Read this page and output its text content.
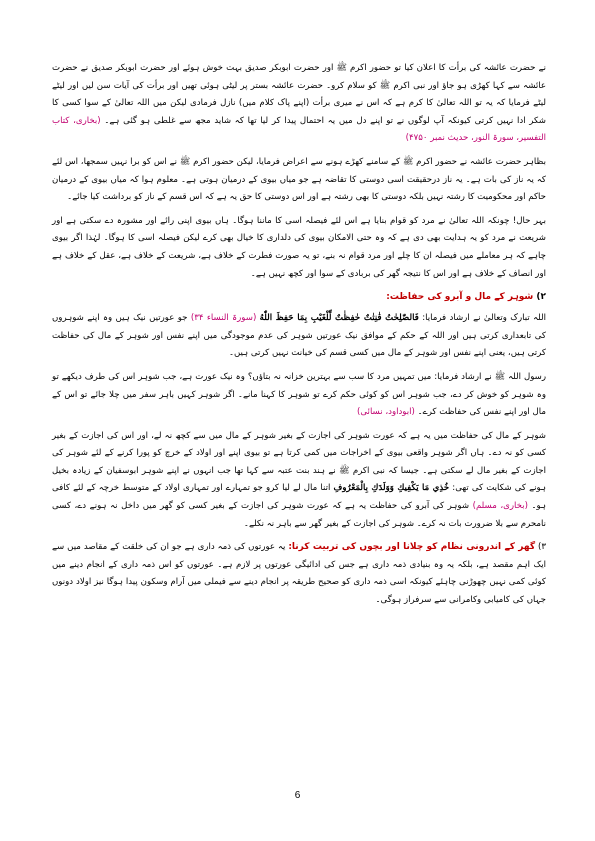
نے حضرت عائشہ کی برأت کا اعلان کیا تو حضور اکرم ﷺ اور حضرت ابوبکر صدیق بہت خوش ہوئے اور حضرت ابوبکر صدیق نے حضرت عائشہ سے کہا کھڑی ہو جاؤ اور نبی اکرم ﷺ کو سلام کرو۔ حضرت عائشہ بستر پر لیٹی ہوئی تھیں اور برأت کی آیات سن لیں اور لیٹے لیٹے فرمایا کہ یہ تو اللہ تعالیٰ کا کرم ہے کہ اس نے میری برأت (اپنے پاک کلام میں) نازل فرمادی لیکن میں اللہ تعالیٰ کے سوا کسی کا شکر ادا نہیں کرتی کیونکہ آپ لوگوں نے تو اپنے دل میں یہ احتمال پیدا کر لیا تھا کہ شاید مجھ سے غلطی ہو گئی ہے۔ (بخاری، کتاب التفسیر، سورۃ النور، حدیث نمبر ۴۷۵۰)

بظاہر حضرت عائشہ نے حضور اکرم ﷺ کے سامنے کھڑے ہونے سے اعراض فرمایا، لیکن حضور اکرم ﷺ نے اس کو برا نہیں سمجھا، اس لئے کہ یہ ناز کی بات ہے۔ یہ ناز درحقیقت اسی دوستی کا تقاضہ ہے جو میاں بیوی کے درمیان ہوتی ہے۔ معلوم ہوا کہ میاں بیوی کے درمیان حاکم اور محکومیت کا رشتہ نہیں بلکہ دوستی کا بھی رشتہ ہے اور اس دوستی کا حق یہ ہے کہ اس قسم کے ناز کو برداشت کیا جائے۔

بہر حال! چونکہ اللہ تعالیٰ نے مرد کو قوام بنایا ہے اس لئے فیصلہ اسی کا ماننا ہوگا۔ ہاں بیوی اپنی رائے اور مشورہ دے سکتی ہے اور شریعت نے مرد کو یہ ہدایت بھی دی ہے کہ وہ حتی الامکان بیوی کی دلداری کا خیال بھی کرے لیکن فیصلہ اسی کا ہوگا۔ لہٰذا اگر بیوی چاہے کہ ہر معاملے میں فیصلہ ان کا چلے اور مرد قوام نہ بنے، تو یہ صورت فطرت کے خلاف ہے، شریعت کے خلاف ہے، عقل کے خلاف ہے اور انصاف کے خلاف ہے اور اس کا نتیجہ گھر کی بربادی کے سوا اور کچھ نہیں ہے۔

۲) شوہر کے مال و آبرو کی حفاظت:

اللہ تبارک وتعالیٰ نے ارشاد فرمایا: فَالصّٰلِحٰتُ قٰنِتٰتٌ حٰفِظٰتٌ لِّلْغَيْبِ بِمَا حَفِظَ اللّٰهُ (سورۃ النساء ۳۴) جو عورتیں نیک ہیں وہ اپنے شوہروں کی تابعداری کرتی ہیں اور اللہ کے حکم کے موافق نیک عورتیں شوہر کی عدم موجودگی میں اپنے نفس اور شوہر کے مال کی حفاظت کرتی ہیں، یعنی اپنے نفس اور شوہر کے مال میں کسی قسم کی خیانت نہیں کرتی ہیں۔

رسول اللہ ﷺ نے ارشاد فرمایا: میں تمہیں مرد کا سب سے بہترین خزانہ نہ بتاؤں؟ وہ نیک عورت ہے، جب شوہر اس کی طرف دیکھے تو وہ شوہر کو خوش کر دے، جب شوہر اس کو کوئی حکم کرے تو شوہر کا کہنا مانے۔ اگر شوہر کہیں باہر سفر میں چلا جائے تو اس کے مال اور اپنے نفس کی حفاظت کرے۔ (ابوداود، نسائی)

شوہر کے مال کی حفاظت میں یہ ہے کہ عورت شوہر کی اجازت کے بغیر شوہر کے مال میں سے کچھ نہ لے، اور اس کی اجازت کے بغیر کسی کو نہ دے۔ ہاں اگر شوہر واقعی بیوی کے اخراجات میں کمی کرتا ہے تو بیوی اپنے اور اولاد کے خرچ کو پورا کرنے کے لئے شوہر کی اجازت کے بغیر مال لے سکتی ہے۔ جیسا کہ نبی اکرم ﷺ نے ہند بنت عتبہ سے کہا تھا جب انہوں نے اپنے شوہر ابوسفیان کے زیادہ بخیل ہونے کی شکایت کی تھی: خُذِي مَا يَكْفِيكِ وَوَلَدَكِ بِالْمَعْرُوفِ اتنا مال لے لیا کرو جو تمہارے اور تمہاری اولاد کے متوسط خرچہ کے لئے کافی ہو۔ (بخاری، مسلم) شوہر کی آبرو کی حفاظت یہ ہے کہ عورت شوہر کی اجازت کے بغیر کسی کو گھر میں داخل نہ ہونے دے، کسی نامحرم سے بلا ضرورت بات نہ کرے۔ شوہر کی اجازت کے بغیر گھر سے باہر نہ نکلے۔

۳) گھر کے اندرونی نظام کو چلانا اور بچوں کی تربیت کرنا: یہ عورتوں کی ذمہ داری ہے جو ان کی خلقت کے مقاصد میں سے ایک اہم مقصد ہے، بلکہ یہ وہ بنیادی ذمہ داری ہے جس کی ادائیگی عورتوں پر لازم ہے۔ عورتوں کو اس ذمہ داری کے انجام دینے میں کوئی کمی نہیں چھوڑنی چاہئے کیونکہ اسی ذمہ داری کو صحیح طریقہ پر انجام دینے سے فیملی میں آرام وسکون پیدا ہوگا نیز اولاد دونوں جہاں کی کامیابی وکامرانی سے سرفراز ہوگی۔

6
